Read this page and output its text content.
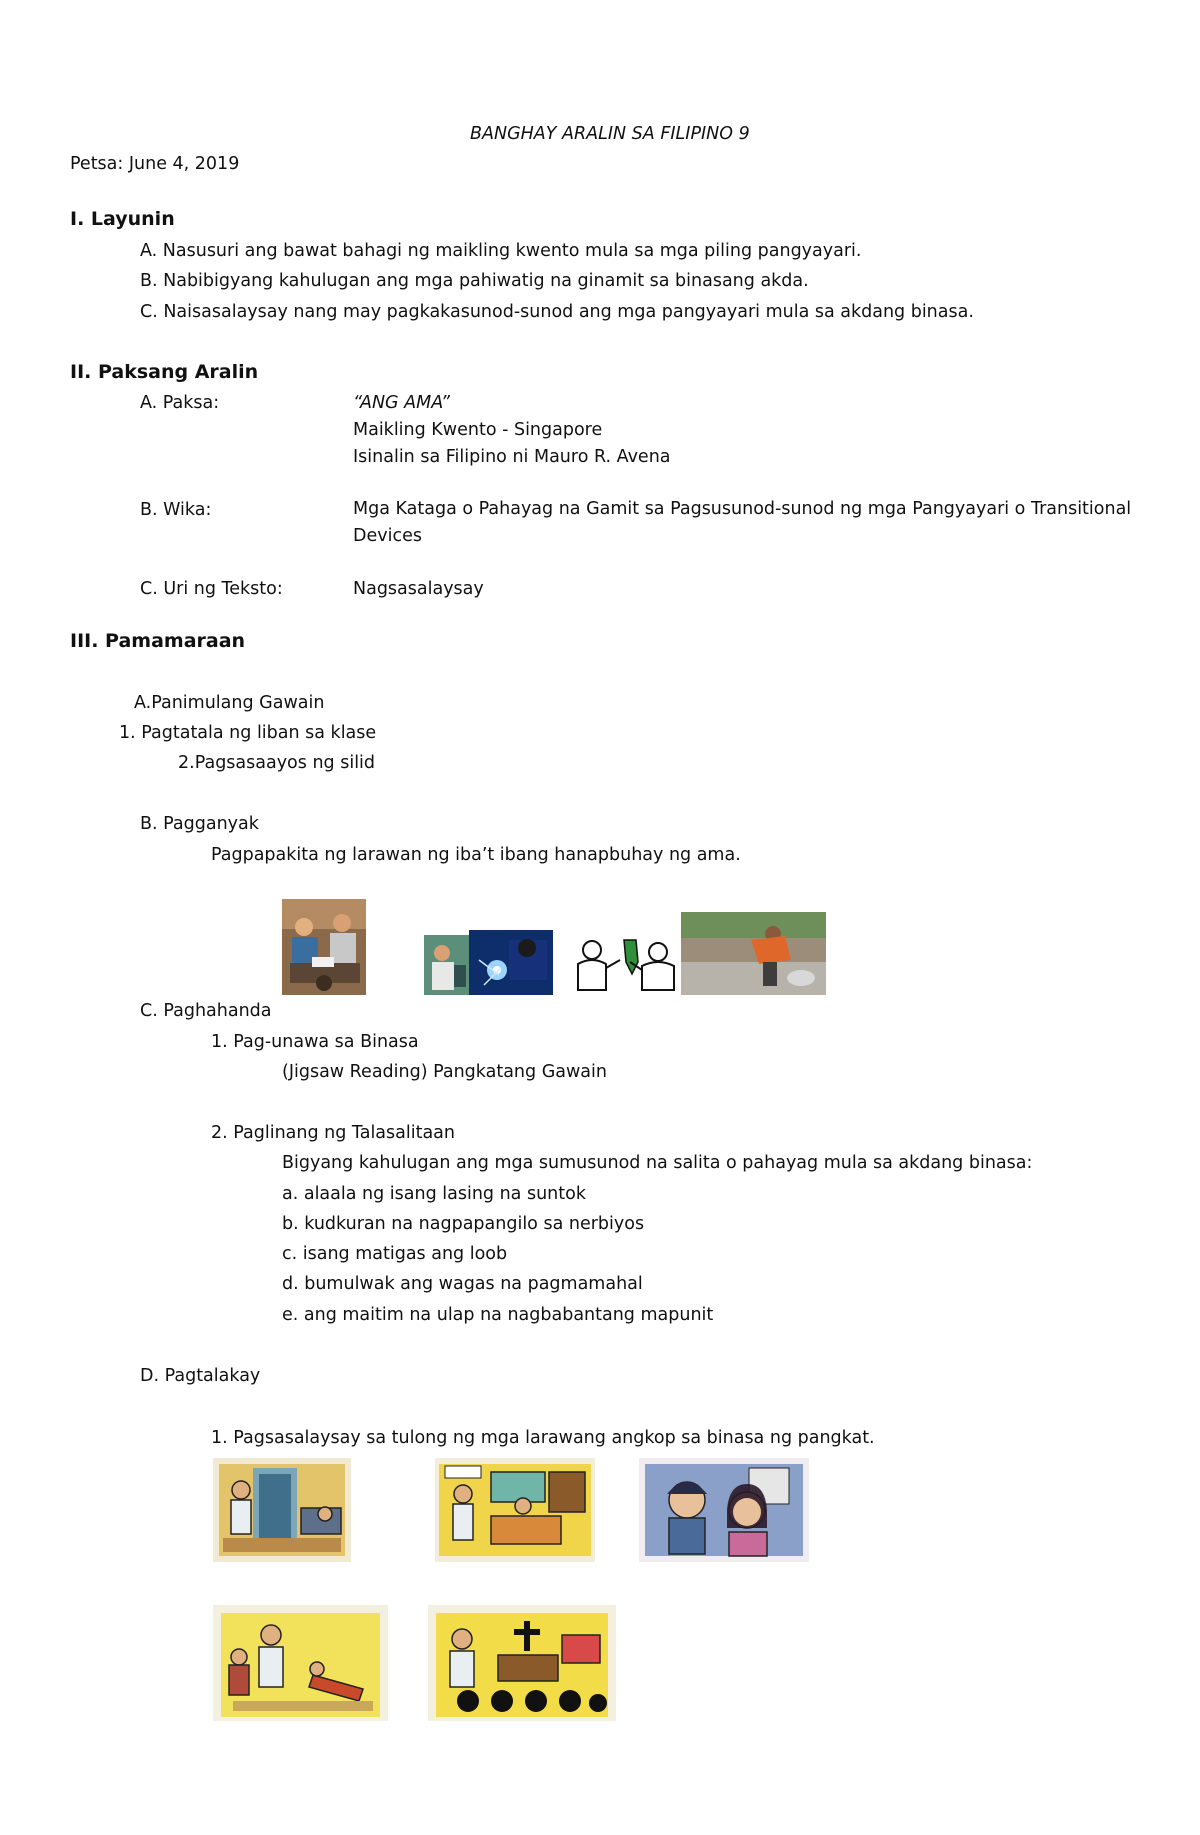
BANGHAY ARALIN SA FILIPINO 9
Petsa: June 4, 2019
I. Layunin
A. Nasusuri ang bawat bahagi ng maikling kwento mula sa mga piling pangyayari.
B. Nabibigyang kahulugan ang mga pahiwatig na ginamit sa binasang akda.
C. Naisasalaysay nang may pagkakasunod-sunod ang mga pangyayari mula sa akdang binasa.
II. Paksang Aralin
A. Paksa:	“ANG AMA”
Maikling Kwento - Singapore
Isinalin sa Filipino ni Mauro R. Avena
B. Wika:	Mga Kataga o Pahayag na Gamit sa Pagsusunod-sunod ng mga Pangyayari o Transitional Devices
C. Uri ng Teksto:	Nagsasalaysay
III. Pamamaraan
A.Panimulang Gawain
1. Pagtatala ng liban sa klase
2.Pagsasaayos ng silid
B. Pagganyak
Pagpapakita ng larawan ng iba’t ibang hanapbuhay ng ama.
C. Paghahanda
1. Pag-unawa sa Binasa
(Jigsaw Reading) Pangkatang Gawain
2. Paglinang ng Talasalitaan
Bigyang kahulugan ang mga sumusunod na salita o pahayag mula sa akdang binasa:
a. alaala ng isang lasing na suntok
b. kudkuran na nagpapangilo sa nerbiyos
c. isang matigas ang loob
d. bumulwak ang wagas na pagmamahal
e. ang maitim na ulap na nagbabantang mapunit
D. Pagtalakay
1. Pagsasalaysay sa tulong ng mga larawang angkop sa binasa ng pangkat.
